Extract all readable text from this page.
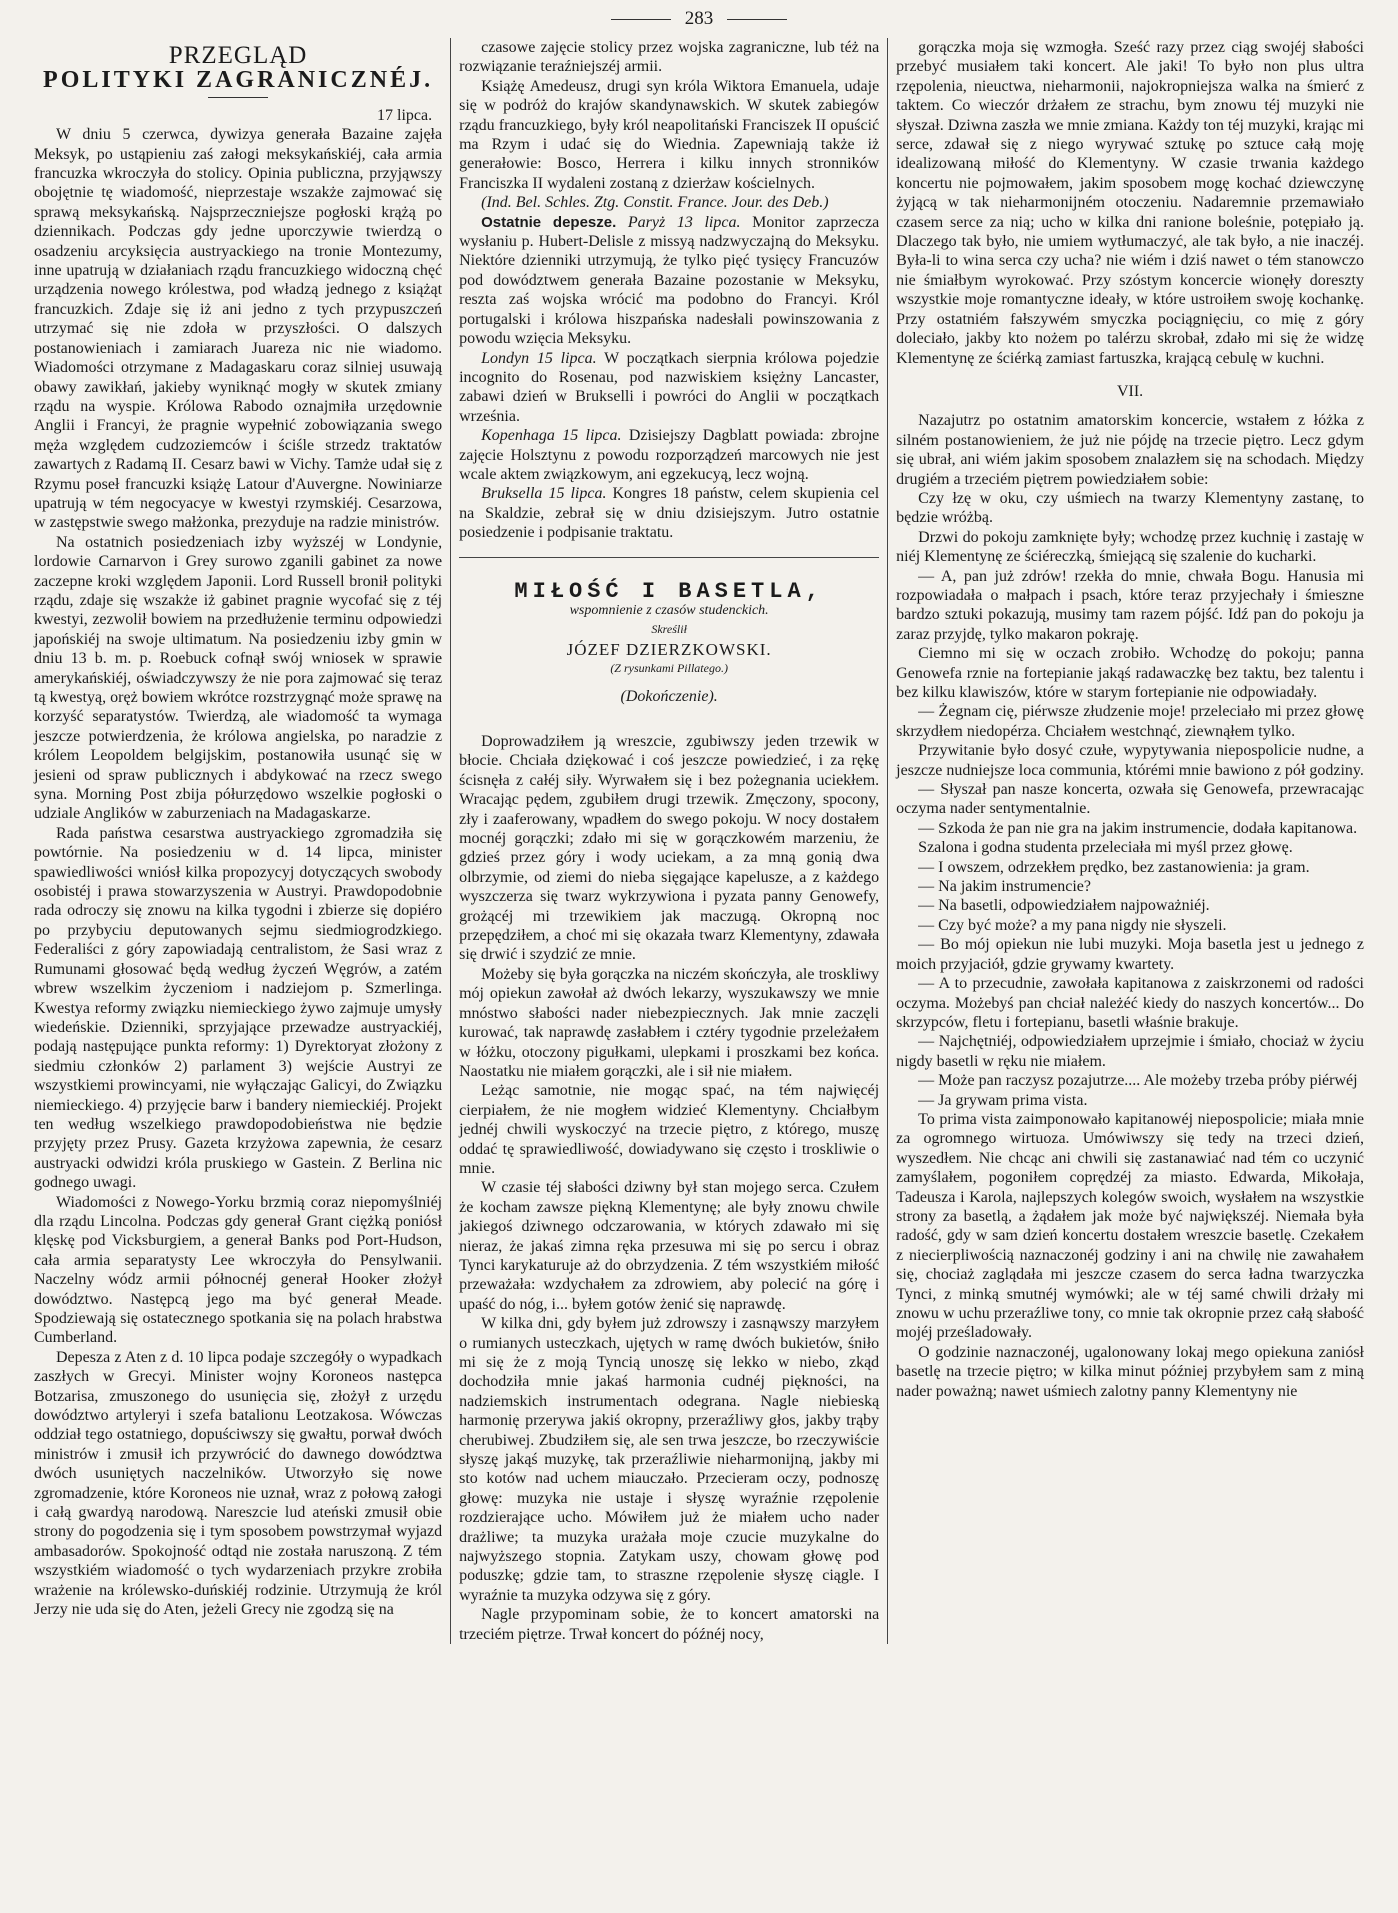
283
PRZEGLĄD
POLITYKI ZAGRANICZNÉJ.
17 lipca.

W dniu 5 czerwca, dywizya generała Bazaine zajęła Meksyk, po ustąpieniu zaś załogi meksykańskiéj, cała armia francuzka wkroczyła do stolicy. Opinia publiczna, przyjąwszy obojętnie tę wiadomość, nieprzestaje wszakże zajmować się sprawą meksykańską. Najsprzeczniejsze pogłoski krążą po dziennikach. Podczas gdy jedne uporczywie twierdzą o osadzeniu arcyksięcia austryackiego na tronie Montezumy, inne upatrują w działaniach rządu francuzkiego widoczną chęć urządzenia nowego królestwa, pod władzą jednego z książąt francuzkich. Zdaje się iż ani jedno z tych przypuszczeń utrzymać się nie zdoła w przyszłości. O dalszych postanowieniach i zamiarach Juareza nic nie wiadomo. Wiadomości otrzymane z Madagaskaru coraz silniej usuwają obawy zawikłań, jakieby wyniknąć mogły w skutek zmiany rządu na wyspie. Królowa Rabodo oznajmiła urzędownie Anglii i Francyi, że pragnie wypełnić zobowiązania swego męża względem cudzoziemców i ściśle strzedz traktatów zawartych z Radamą II. Cesarz bawi w Vichy. Tamże udał się z Rzymu poseł francuzki książę Latour d'Auvergne. Nowiniarze upatrują w tém negocyacye w kwestyi rzymskiéj. Cesarzowa, w zastępstwie swego małżonka, prezyduje na radzie ministrów.

Na ostatnich posiedzeniach izby wyższéj w Londynie, lordowie Carnarvon i Grey surowo zganili gabinet za nowe zaczepne kroki względem Japonii. Lord Russell bronił polityki rządu, zdaje się wszakże iż gabinet pragnie wycofać się z téj kwestyi, zezwolił bowiem na przedłużenie terminu odpowiedzi japońskiéj na swoje ultimatum. Na posiedzeniu izby gmin w dniu 13 b. m. p. Roebuck cofnął swój wniosek w sprawie amerykańskiéj, oświadczywszy że nie pora zajmować się teraz tą kwestyą, oręż bowiem wkrótce rozstrzygnąć może sprawę na korzyść separatystów. Twierdzą, ale wiadomość ta wymaga jeszcze potwierdzenia, że królowa angielska, po naradzie z królem Leopoldem belgijskim, postanowiła usunąć się w jesieni od spraw publicznych i abdykować na rzecz swego syna. Morning Post zbija półurzędowo wszelkie pogłoski o udziale Anglików w zaburzeniach na Madagaskarze.

Rada państwa cesarstwa austryackiego zgromadziła się powtórnie. Na posiedzeniu w d. 14 lipca, minister spawiedliwości wniósł kilka propozycyj dotyczących swobody osobistéj i prawa stowarzyszenia w Austryi. Prawdopodobnie rada odroczy się znowu na kilka tygodni i zbierze się dopiéro po przybyciu deputowanych sejmu siedmiogrodzkiego. Federaliści z góry zapowiadają centralistom, że Sasi wraz z Rumunami głosować będą według życzeń Węgrów, a zatém wbrew wszelkim życzeniom i nadziejom p. Szmerlinga. Kwestya reformy związku niemieckiego żywo zajmuje umysły wiedeńskie. Dzienniki, sprzyjające przewadze austryackiéj, podają następujące punkta reformy: 1) Dyrektoryat złożony z siedmiu członków 2) parlament 3) wejście Austryi ze wszystkiemi prowincyami, nie wyłączając Galicyi, do Związku niemieckiego. 4) przyjęcie barw i bandery niemieckiéj. Projekt ten według wszelkiego prawdopodobieństwa nie będzie przyjęty przez Prusy. Gazeta krzyżowa zapewnia, że cesarz austryacki odwidzi króla pruskiego w Gastein. Z Berlina nic godnego uwagi.

Wiadomości z Nowego-Yorku brzmią coraz niepomyślniéj dla rządu Lincolna. Podczas gdy generał Grant ciężką poniósł klęskę pod Vicksburgiem, a generał Banks pod Port-Hudson, cała armia separatysty Lee wkroczyła do Pensylwanii. Naczelny wódz armii północnéj generał Hooker złożył dowództwo. Następcą jego ma być generał Meade. Spodziewają się ostatecznego spotkania się na polach hrabstwa Cumberland.

Depesza z Aten z d. 10 lipca podaje szczegóły o wypadkach zaszłych w Grecyi. Minister wojny Koroneos następca Botzarisa, zmuszonego do usunięcia się, złożył z urzędu dowództwo artyleryi i szefa batalionu Leotzakosa. Wówczas oddział tego ostatniego, dopuściwszy się gwałtu, porwał dwóch ministrów i zmusił ich przywrócić do dawnego dowództwa dwóch usuniętych naczelników. Utworzyło się nowe zgromadzenie, które Koroneos nie uznał, wraz z połową załogi i całą gwardyą narodową. Nareszcie lud ateński zmusił obie strony do pogodzenia się i tym sposobem powstrzymał wyjazd ambasadorów. Spokojność odtąd nie została naruszoną. Z tém wszystkiém wiadomość o tych wydarzeniach przykre zrobiła wrażenie na królewsko-duńskiéj rodzinie. Utrzymują że król Jerzy nie uda się do Aten, jeżeli Grecy nie zgodzą się na

czasowe zajęcie stolicy przez wojska zagraniczne, lub téż na rozwiązanie teraźniejszéj armii.

Książę Amedeusz, drugi syn króla Wiktora Emanuela, udaje się w podróż do krajów skandynawskich. W skutek zabiegów rządu francuzkiego, były król neapolitański Franciszek II opuścić ma Rzym i udać się do Wiednia. Zapewniają także iż generałowie: Bosco, Herrera i kilku innych stronników Franciszka II wydaleni zostaną z dzierżaw kościelnych.

(Ind. Bel. Schles. Ztg. Constit. France. Jour. des Deb.)

Ostatnie depesze. Paryż 13 lipca. Monitor zaprzecza wysłaniu p. Hubert-Delisle z missyą nadzwyczajną do Meksyku. Niektóre dzienniki utrzymują, że tylko pięć tysięcy Francuzów pod dowództwem generała Bazaine pozostanie w Meksyku, reszta zaś wojska wrócić ma podobno do Francyi. Król portugalski i królowa hiszpańska nadesłali powinszowania z powodu wzięcia Meksyku.

Londyn 15 lipca. W początkach sierpnia królowa pojedzie incognito do Rosenau, pod nazwiskiem księżny Lancaster, zabawi dzień w Brukselli i powróci do Anglii w początkach września.

Kopenhaga 15 lipca. Dzisiejszy Dagblatt powiada: zbrojne zajęcie Holsztynu z powodu rozporządzeń marcowych nie jest wcale aktem związkowym, ani egzekucyą, lecz wojną.

Bruksella 15 lipca. Kongres 18 państw, celem skupienia cel na Skaldzie, zebrał się w dniu dzisiejszym. Jutro ostatnie posiedzenie i podpisanie traktatu.

MIŁOŚĆ I BASETLA,
wspomnienie z czasów studenckich.
Skreślił
JÓZEF DZIERZKOWSKI.
(Z rysunkami Pillatego.)
(Dokończenie).

Doprowadziłem ją wreszcie, zgubiwszy jeden trzewik w błocie. Chciała dziękować i coś jeszcze powiedzieć, i za rękę ścisnęła z całéj siły. Wyrwałem się i bez pożegnania uciekłem. Wracając pędem, zgubiłem drugi trzewik. Zmęczony, spocony, zły i zaaferowany, wpadłem do swego pokoju. W nocy dostałem mocnéj gorączki; zdało mi się w gorączkowém marzeniu, że gdzieś przez góry i wody uciekam, a za mną gonią dwa olbrzymie, od ziemi do nieba sięgające kapelusze, a z każdego wyszczerza się twarz wykrzywiona i pyzata panny Genowefy, grożącéj mi trzewikiem jak maczugą. Okropną noc przepędziłem, a choć mi się okazała twarz Klementyny, zdawała się drwić i szydzić ze mnie.

Możeby się była gorączka na niczém skończyła, ale troskliwy mój opiekun zawołał aż dwóch lekarzy, wyszukawszy we mnie mnóstwo słabości nader niebezpiecznych. Jak mnie zaczęli kurować, tak naprawdę zasłabłem i cztéry tygodnie przeleżałem w łóżku, otoczony pigułkami, ulepkami i proszkami bez końca. Naostatku nie miałem gorączki, ale i sił nie miałem.

Leżąc samotnie, nie mogąc spać, na tém najwięcéj cierpiałem, że nie mogłem widzieć Klementyny. Chciałbym jednéj chwili wyskoczyć na trzecie piętro, z którego, muszę oddać tę sprawiedliwość, dowiadywano się często i troskliwie o mnie.

W czasie téj słabości dziwny był stan mojego serca. Czułem że kocham zawsze piękną Klementynę; ale były znowu chwile jakiegoś dziwnego odczarowania, w których zdawało mi się nieraz, że jakaś zimna ręka przesuwa mi się po sercu i obraz Tynci karykaturuje aż do obrzydzenia. Z tém wszystkiém miłość przeważała: wzdychałem za zdrowiem, aby polecić na górę i upaść do nóg, i... byłem gotów żenić się naprawdę.

W kilka dni, gdy byłem już zdrowszy i zasnąwszy marzyłem o rumianych usteczkach, ujętych w ramę dwóch bukietów, śniło mi się że z moją Tyncią unoszę się lekko w niebo, zkąd dochodziła mnie jakaś harmonia cudnéj piękności, na nadziemskich instrumentach odegrana. Nagle niebieską harmonię przerywa jakiś okropny, przeraźliwy głos, jakby trąby cherubiwej. Zbudziłem się, ale sen trwa jeszcze, bo rzeczywiście słyszę jakąś muzykę, tak przeraźliwie nieharmonijną, jakby mi sto kotów nad uchem miauczało. Przecieram oczy, podnoszę głowę: muzyka nie ustaje i słyszę wyraźnie rzępolenie rozdzierające ucho. Mówiłem już że miałem ucho nader drażliwe; ta muzyka urażała moje czucie muzykalne do najwyższego stopnia. Zatykam uszy, chowam głowę pod poduszkę; gdzie tam, to straszne rzępolenie słyszę ciągle. I wyraźnie ta muzyka odzywa się z góry.

Nagle przypominam sobie, że to koncert amatorski na trzeciém piętrze. Trwał koncert do późnéj nocy,

gorączka moja się wzmogła. Sześć razy przez ciąg swojéj słabości przebyć musiałem taki koncert. Ale jaki! To było non plus ultra rzępolenia, nieuctwa, nieharmonii, najokropniejsza walka na śmierć z taktem. Co wieczór drżałem ze strachu, bym znowu téj muzyki nie słyszał. Dziwna zaszła we mnie zmiana. Każdy ton téj muzyki, krając mi serce, zdawał się z niego wyrywać sztukę po sztuce całą moję idealizowaną miłość do Klementyny. W czasie trwania każdego koncertu nie pojmowałem, jakim sposobem mogę kochać dziewczynę żyjącą w tak nieharmonijném otoczeniu. Nadaremnie przemawiało czasem serce za nią; ucho w kilka dni ranione boleśnie, potępiało ją. Dlaczego tak było, nie umiem wytłumaczyć, ale tak było, a nie inaczéj. Była-li to wina serca czy ucha? nie wiém i dziś nawet o tém stanowczo nie śmiałbym wyrokować. Przy szóstym koncercie wionęły doreszty wszystkie moje romantyczne ideały, w które ustroiłem swoję kochankę. Przy ostatniém fałszywém smyczka pociągnięciu, co mię z góry doleciało, jakby kto nożem po talérzu skrobał, zdało mi się że widzę Klementynę ze ściérką zamiast fartuszka, krającą cebulę w kuchni.

VII.

Nazajutrz po ostatnim amatorskim koncercie, wstałem z łóżka z silném postanowieniem, że już nie pójdę na trzecie piętro. Lecz gdym się ubrał, ani wiém jakim sposobem znalazłem się na schodach. Między drugiém a trzeciém piętrem powiedziałem sobie:

Czy łzę w oku, czy uśmiech na twarzy Klementyny zastanę, to będzie wróżbą.

Drzwi do pokoju zamknięte były; wchodzę przez kuchnię i zastaję w niéj Klementynę ze ściéreczką, śmiejącą się szalenie do kucharki.

— A, pan już zdrów! rzekła do mnie, chwała Bogu. Hanusia mi rozpowiadała o małpach i psach, które teraz przyjechały i śmieszne bardzo sztuki pokazują, musimy tam razem pójść. Idź pan do pokoju ja zaraz przyjdę, tylko makaron pokraję.

Ciemno mi się w oczach zrobiło. Wchodzę do pokoju; panna Genowefa rznie na fortepianie jakąś radawaczkę bez taktu, bez talentu i bez kilku klawiszów, które w starym fortepianie nie odpowiadały.

— Żegnam cię, piérwsze złudzenie moje! przeleciało mi przez głowę skrzydłem niedopérza. Chciałem westchnąć, ziewnąłem tylko.

Przywitanie było dosyć czułe, wypytywania niepospolicie nudne, a jeszcze nudniejsze loca communia, którémi mnie bawiono z pół godziny.

— Słyszał pan nasze koncerta, ozwała się Genowefa, przewracając oczyma nader sentymentalnie.

— Szkoda że pan nie gra na jakim instrumencie, dodała kapitanowa.

Szalona i godna studenta przeleciała mi myśl przez głowę.

— I owszem, odrzekłem prędko, bez zastanowienia: ja gram.

— Na jakim instrumencie?

— Na basetli, odpowiedziałem najpoważniéj.

— Czy być może? a my pana nigdy nie słyszeli.

— Bo mój opiekun nie lubi muzyki. Moja basetla jest u jednego z moich przyjaciół, gdzie grywamy kwartety.

— A to przecudnie, zawołała kapitanowa z zaiskrzonemi od radości oczyma. Możebyś pan chciał należéć kiedy do naszych koncertów... Do skrzypców, fletu i fortepianu, basetli właśnie brakuje.

— Najchętniéj, odpowiedziałem uprzejmie i śmiało, chociaż w życiu nigdy basetli w ręku nie miałem.

— Może pan raczysz pozajutrze.... Ale możeby trzeba próby piérwéj

— Ja grywam prima vista.

To prima vista zaimponowało kapitanowéj niepospolicie; miała mnie za ogromnego wirtuoza. Umówiwszy się tedy na trzeci dzień, wyszedłem. Nie chcąc ani chwili się zastanawiać nad tém co uczynić zamyślałem, pogoniłem coprędzéj za miasto. Edwarda, Mikołaja, Tadeusza i Karola, najlepszych kolegów swoich, wysłałem na wszystkie strony za basetlą, a żądałem jak może być największéj. Niemała była radość, gdy w sam dzień koncertu dostałem wreszcie basetlę. Czekałem z niecierpliwością naznaczonéj godziny i ani na chwilę nie zawahałem się, chociaż zaglądała mi jeszcze czasem do serca ładna twarzyczka Tynci, z minką smutnéj wymówki; ale w téj samé chwili drżały mi znowu w uchu przeraźliwe tony, co mnie tak okropnie przez całą słabość mojéj prześladowały.

O godzinie naznaczonéj, ugalonowany lokaj mego opiekuna zaniósł basetlę na trzecie piętro; w kilka minut później przybyłem sam z miną nader poważną; nawet uśmiech zalotny panny Klementyny nie
